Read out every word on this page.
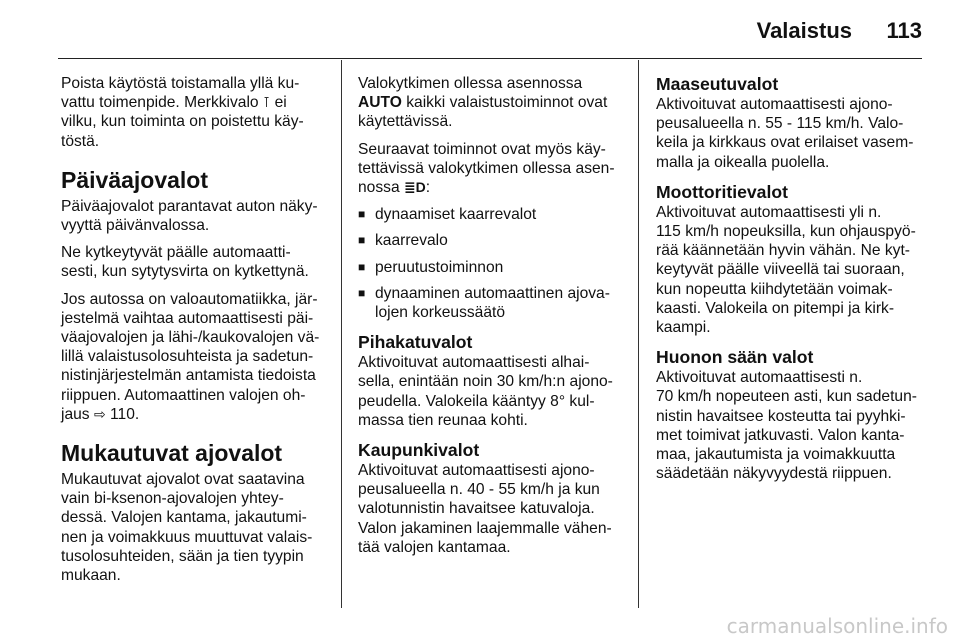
Valaistus 113

Poista käytöstä toistamalla yllä ku-
vattu toimenpide. Merkkivalo ⊺ ei
vilku, kun toiminta on poistettu käy-
töstä.

Päiväajovalot

Päiväajovalot parantavat auton näky-
vyyttä päivänvalossa.

Ne kytkeytyvät päälle automaatti-
sesti, kun sytytysvirta on kytkettynä.

Jos autossa on valoautomatiikka, jär-
jestelmä vaihtaa automaattisesti päi-
väajovalojen ja lähi-/kaukovalojen vä-
lillä valaistusolosuhteista ja sadetun-
nistinjärjestelmän antamista tiedoista
riippuen. Automaattinen valojen oh-
jaus ⇨ 110.

Mukautuvat ajovalot

Mukautuvat ajovalot ovat saatavina
vain bi-ksenon-ajovalojen yhtey-
dessä. Valojen kantama, jakautumi-
nen ja voimakkuus muuttuvat valais-
tusolosuhteiden, sään ja tien tyypin
mukaan.

Valokytkimen ollessa asennossa
AUTO kaikki valaistustoiminnot ovat
käytettävissä.

Seuraavat toiminnot ovat myös käy-
tettävissä valokytkimen ollessa asen-
nossa ≣D:

■ dynaamiset kaarrevalot
■ kaarrevalo
■ peruutustoiminnon
■ dynaaminen automaattinen ajova-
lojen korkeussäätö
Pihakatuvalot

Aktivoituvat automaattisesti alhai-
sella, enintään noin 30 km/h:n ajono-
peudella. Valokeila kääntyy 8° kul-
massa tien reunaa kohti.

Kaupunkivalot

Aktivoituvat automaattisesti ajono-
peusalueella n. 40 - 55 km/h ja kun
valotunnistin havaitsee katuvaloja.
Valon jakaminen laajemmalle vähen-
tää valojen kantamaa.

Maaseutuvalot

Aktivoituvat automaattisesti ajono-
peusalueella n. 55 - 115 km/h. Valo-
keila ja kirkkaus ovat erilaiset vasem-
malla ja oikealla puolella.

Moottoritievalot

Aktivoituvat automaattisesti yli n.
115 km/h nopeuksilla, kun ohjauspyö-
rää käännetään hyvin vähän. Ne kyt-
keytyvät päälle viiveellä tai suoraan,
kun nopeutta kiihdytetään voimak-
kaasti. Valokeila on pitempi ja kirk-
kaampi.

Huonon sään valot

Aktivoituvat automaattisesti n.
70 km/h nopeuteen asti, kun sadetun-
nistin havaitsee kosteutta tai pyyhki-
met toimivat jatkuvasti. Valon kanta-
maa, jakautumista ja voimakkuutta
säädetään näkyvyydestä riippuen.

carmanualsonline.info
